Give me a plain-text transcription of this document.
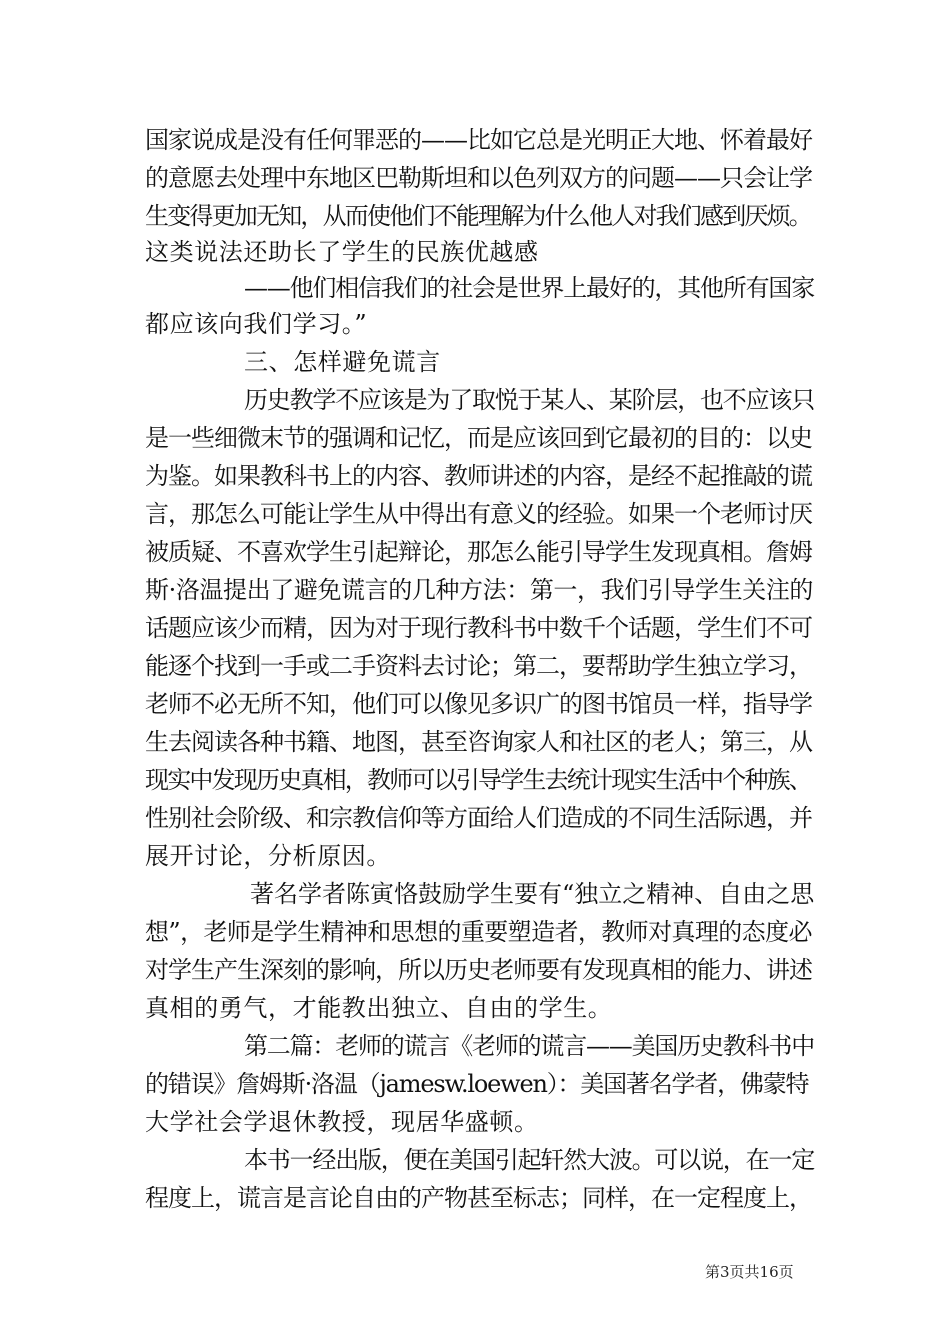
国家说成是没有任何罪恶的——比如它总是光明正大地、怀着最好
的意愿去处理中东地区巴勒斯坦和以色列双方的问题——只会让学
生变得更加无知，从而使他们不能理解为什么他人对我们感到厌烦。
这类说法还助长了学生的民族优越感
——他们相信我们的社会是世界上最好的，其他所有国家
都应该向我们学习。”
三、怎样避免谎言
历史教学不应该是为了取悦于某人、某阶层，也不应该只
是一些细微末节的强调和记忆，而是应该回到它最初的目的：以史
为鉴。如果教科书上的内容、教师讲述的内容，是经不起推敲的谎
言，那怎么可能让学生从中得出有意义的经验。如果一个老师讨厌
被质疑、不喜欢学生引起辩论，那怎么能引导学生发现真相。詹姆
斯·洛温提出了避免谎言的几种方法：第一，我们引导学生关注的
话题应该少而精，因为对于现行教科书中数千个话题，学生们不可
能逐个找到一手或二手资料去讨论；第二，要帮助学生独立学习，
老师不必无所不知，他们可以像见多识广的图书馆员一样，指导学
生去阅读各种书籍、地图，甚至咨询家人和社区的老人；第三，从
现实中发现历史真相，教师可以引导学生去统计现实生活中个种族、
性别社会阶级、和宗教信仰等方面给人们造成的不同生活际遇，并
展开讨论，分析原因。
著名学者陈寅恪鼓励学生要有“独立之精神、自由之思
想”，老师是学生精神和思想的重要塑造者，教师对真理的态度必
对学生产生深刻的影响，所以历史老师要有发现真相的能力、讲述
真相的勇气，才能教出独立、自由的学生。
第二篇：老师的谎言《老师的谎言——美国历史教科书中
的错误》詹姆斯·洛温（jamesw.loewen）：美国著名学者，佛蒙特
大学社会学退休教授，现居华盛顿。
本书一经出版，便在美国引起轩然大波。可以说，在一定
程度上，谎言是言论自由的产物甚至标志；同样，在一定程度上，
第3页共16页
